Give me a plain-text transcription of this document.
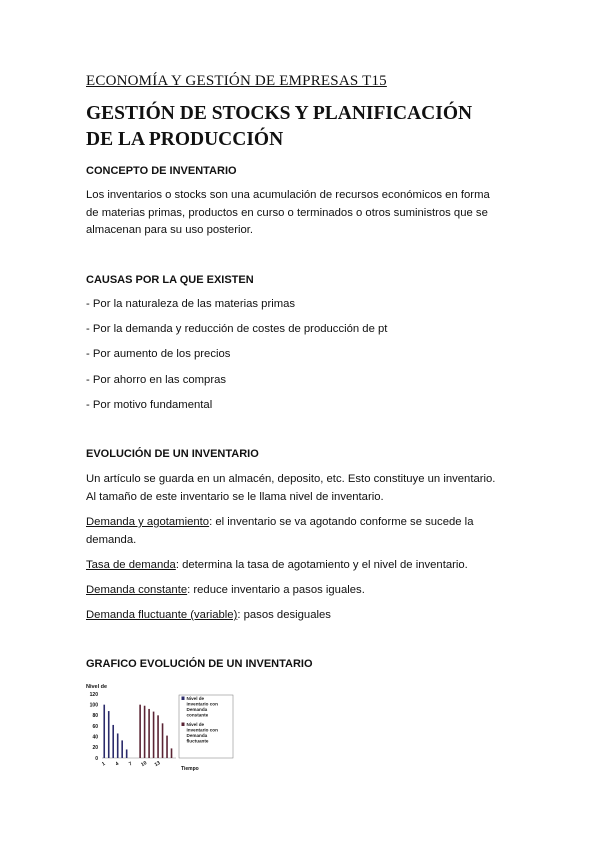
ECONOMÍA Y GESTIÓN DE EMPRESAS T15
GESTIÓN DE STOCKS Y PLANIFICACIÓN
DE LA PRODUCCIÓN
CONCEPTO DE INVENTARIO
Los inventarios o stocks son una acumulación de recursos económicos en forma
de materias primas, productos en curso o terminados o otros suministros que se
almacenan para su uso posterior.
CAUSAS POR LA QUE EXISTEN
- Por la naturaleza de las materias primas
- Por la demanda y reducción de costes de producción de pt
- Por aumento de los precios
- Por ahorro en las compras
- Por motivo fundamental
EVOLUCIÓN DE UN INVENTARIO
Un artículo se guarda en un almacén, deposito, etc. Esto constituye un inventario.
Al tamaño de este inventario se le llama nivel de inventario.
Demanda y agotamiento: el inventario se va agotando conforme se sucede la
demanda.
Tasa de demanda: determina la tasa de agotamiento y el nivel de inventario.
Demanda constante: reduce inventario a pasos iguales.
Demanda fluctuante (variable): pasos desiguales
GRAFICO EVOLUCIÓN DE UN INVENTARIO
Nivel de
120
100
80
60
40
20
0
1 4 7 10 13
Tiempo
Nivel de inventario con Demanda constante
Nivel de inventario con Demanda fluctuante
